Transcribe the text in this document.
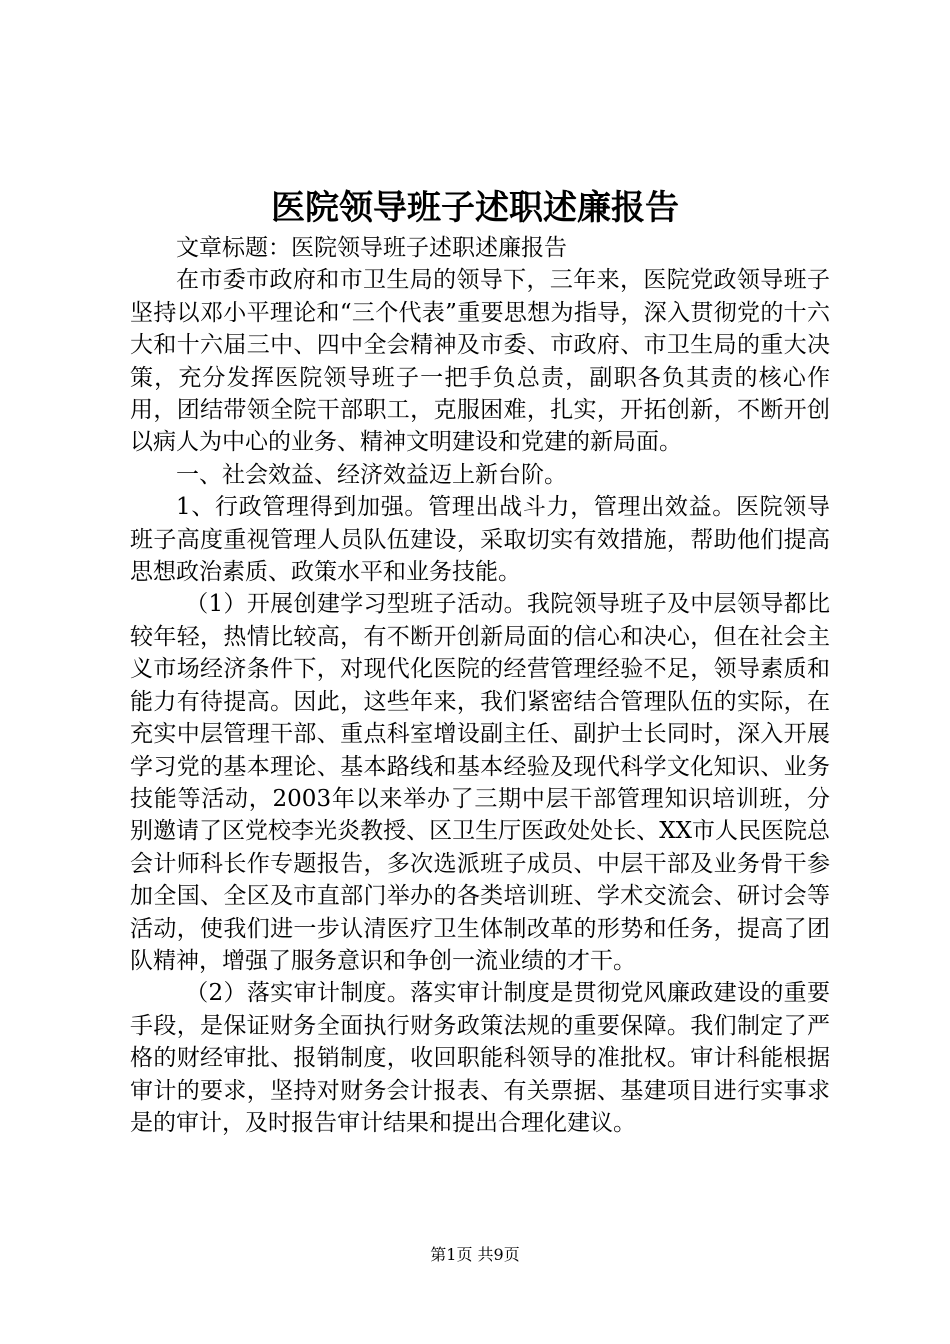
医院领导班子述职述廉报告

文章标题：医院领导班子述职述廉报告

在市委市政府和市卫生局的领导下，三年来，医院党政领导班子坚持以邓小平理论和“三个代表”重要思想为指导，深入贯彻党的十六大和十六届三中、四中全会精神及市委、市政府、市卫生局的重大决策，充分发挥医院领导班子一把手负总责，副职各负其责的核心作用，团结带领全院干部职工，克服困难，扎实，开拓创新，不断开创以病人为中心的业务、精神文明建设和党建的新局面。

一、社会效益、经济效益迈上新台阶。

1、行政管理得到加强。管理出战斗力，管理出效益。医院领导班子高度重视管理人员队伍建设，采取切实有效措施，帮助他们提高思想政治素质、政策水平和业务技能。

（1）开展创建学习型班子活动。我院领导班子及中层领导都比较年轻，热情比较高，有不断开创新局面的信心和决心，但在社会主义市场经济条件下，对现代化医院的经营管理经验不足，领导素质和能力有待提高。因此，这些年来，我们紧密结合管理队伍的实际，在充实中层管理干部、重点科室增设副主任、副护士长同时，深入开展学习党的基本理论、基本路线和基本经验及现代科学文化知识、业务技能等活动，2003年以来举办了三期中层干部管理知识培训班，分别邀请了区党校李光炎教授、区卫生厅医政处处长、XX市人民医院总会计师科长作专题报告，多次选派班子成员、中层干部及业务骨干参加全国、全区及市直部门举办的各类培训班、学术交流会、研讨会等活动，使我们进一步认清医疗卫生体制改革的形势和任务，提高了团队精神，增强了服务意识和争创一流业绩的才干。

（2）落实审计制度。落实审计制度是贯彻党风廉政建设的重要手段，是保证财务全面执行财务政策法规的重要保障。我们制定了严格的财经审批、报销制度，收回职能科领导的准批权。审计科能根据审计的要求，坚持对财务会计报表、有关票据、基建项目进行实事求是的审计，及时报告审计结果和提出合理化建议。

第1页 共9页
